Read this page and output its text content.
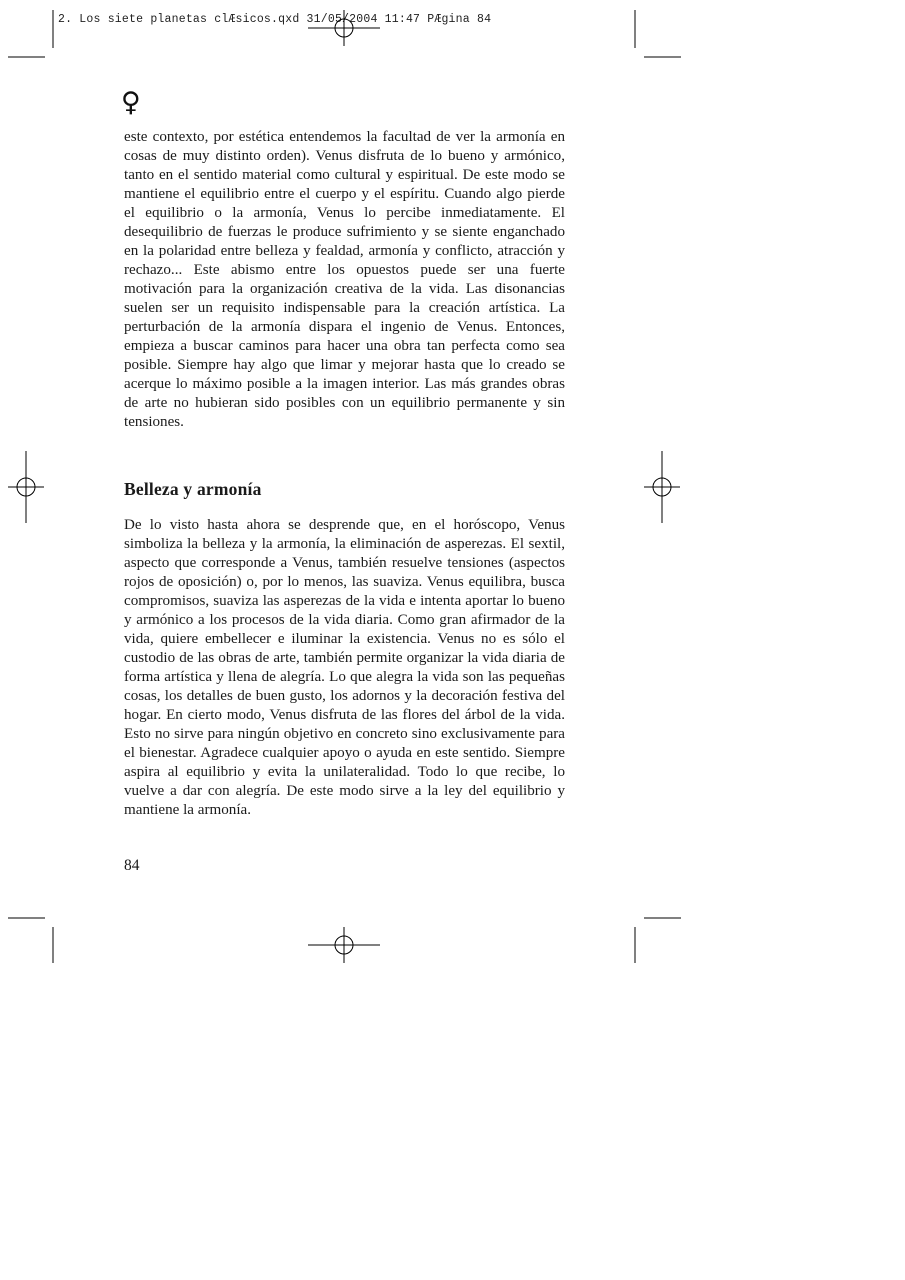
2. Los siete planetas clÆsicos.qxd 31/05/2004 11:47 PÆgina 84
♀

este contexto, por estética entendemos la facultad de ver la armonía en cosas de muy distinto orden). Venus disfruta de lo bueno y armónico, tanto en el sentido material como cultural y espiritual. De este modo se mantiene el equilibrio entre el cuerpo y el espíritu. Cuando algo pierde el equilibrio o la armonía, Venus lo percibe inmediatamente. El desequilibrio de fuerzas le produce sufrimiento y se siente enganchado en la polaridad entre belleza y fealdad, armonía y conflicto, atracción y rechazo... Este abismo entre los opuestos puede ser una fuerte motivación para la organización creativa de la vida. Las disonancias suelen ser un requisito indispensable para la creación artística. La perturbación de la armonía dispara el ingenio de Venus. Entonces, empieza a buscar caminos para hacer una obra tan perfecta como sea posible. Siempre hay algo que limar y mejorar hasta que lo creado se acerque lo máximo posible a la imagen interior. Las más grandes obras de arte no hubieran sido posibles con un equilibrio permanente y sin tensiones.

Belleza y armonía

De lo visto hasta ahora se desprende que, en el horóscopo, Venus simboliza la belleza y la armonía, la eliminación de asperezas. El sextil, aspecto que corresponde a Venus, también resuelve tensiones (aspectos rojos de oposición) o, por lo menos, las suaviza. Venus equilibra, busca compromisos, suaviza las asperezas de la vida e intenta aportar lo bueno y armónico a los procesos de la vida diaria. Como gran afirmador de la vida, quiere embellecer e iluminar la existencia. Venus no es sólo el custodio de las obras de arte, también permite organizar la vida diaria de forma artística y llena de alegría. Lo que alegra la vida son las pequeñas cosas, los detalles de buen gusto, los adornos y la decoración festiva del hogar. En cierto modo, Venus disfruta de las flores del árbol de la vida. Esto no sirve para ningún objetivo en concreto sino exclusivamente para el bienestar. Agradece cualquier apoyo o ayuda en este sentido. Siempre aspira al equilibrio y evita la unilateralidad. Todo lo que recibe, lo vuelve a dar con alegría. De este modo sirve a la ley del equilibrio y mantiene la armonía.

84
